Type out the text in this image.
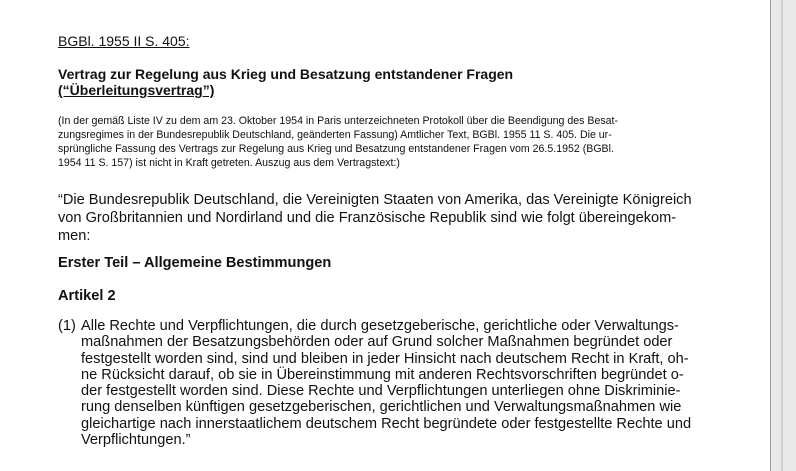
BGBl. 1955 II S. 405:
Vertrag zur Regelung aus Krieg und Besatzung entstandener Fragen
(“Überleitungsvertrag”)
(In der gemäß Liste IV zu dem am 23. Oktober 1954 in Paris unterzeichneten Protokoll über die Beendigung des Besat-
zungsregimes in der Bundesrepublik Deutschland, geänderten Fassung) Amtlicher Text, BGBl. 1955 11 S. 405. Die ur-
sprüngliche Fassung des Vertrags zur Regelung aus Krieg und Besatzung entstandener Fragen vom 26.5.1952 (BGBl.
1954 11 S. 157) ist nicht in Kraft getreten. Auszug aus dem Vertragstext:)
“Die Bundesrepublik Deutschland, die Vereinigten Staaten von Amerika, das Vereinigte Königreich
von Großbritannien und Nordirland und die Französische Republik sind wie folgt übereingekom-
men:
Erster Teil – Allgemeine Bestimmungen
Artikel 2
(1) Alle Rechte und Verpflichtungen, die durch gesetzgeberische, gerichtliche oder Verwaltungs-
maßnahmen der Besatzungsbehörden oder auf Grund solcher Maßnahmen begründet oder
festgestellt worden sind, sind und bleiben in jeder Hinsicht nach deutschem Recht in Kraft, oh-
ne Rücksicht darauf, ob sie in Übereinstimmung mit anderen Rechtsvorschriften begründet o-
der festgestellt worden sind. Diese Rechte und Verpflichtungen unterliegen ohne Diskriminie-
rung denselben künftigen gesetzgeberischen, gerichtlichen und Verwaltungsmaßnahmen wie
gleichartige nach innerstaatlichem deutschem Recht begründete oder festgestellte Rechte und
Verpflichtungen.”
